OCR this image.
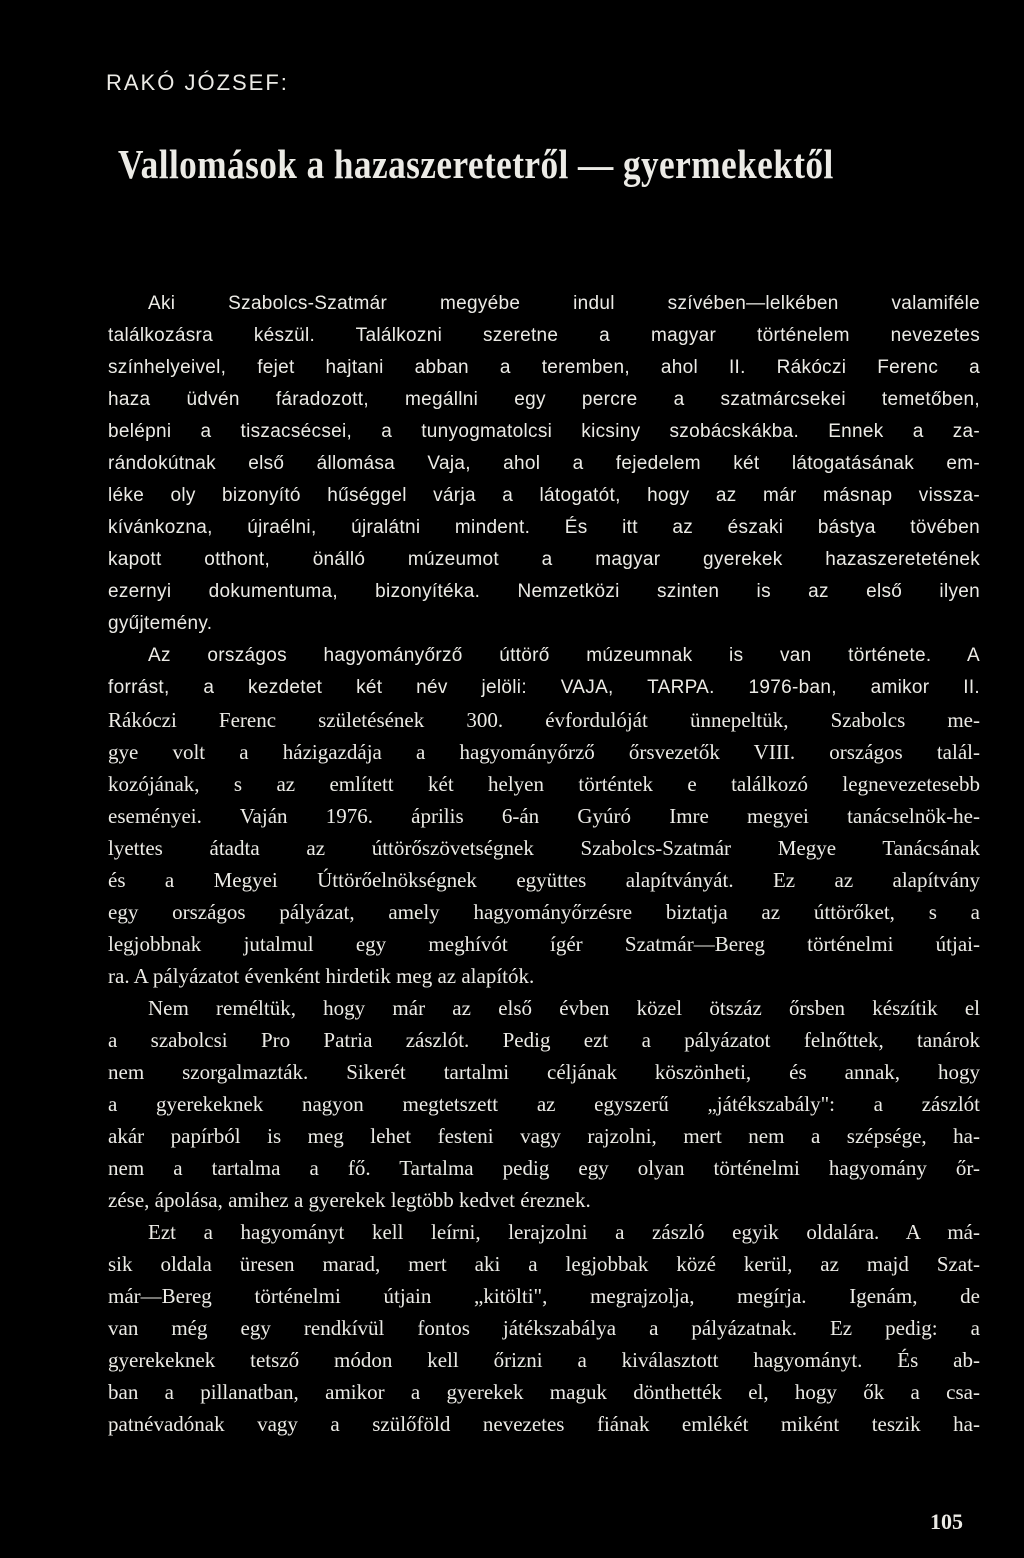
RAKÓ JÓZSEF:
Vallomások a hazaszeretetről — gyermekektől
Aki Szabolcs-Szatmár megyébe indul szívében—lelkében valamiféle
találkozásra készül. Találkozni szeretne a magyar történelem nevezetes
színhelyeivel, fejet hajtani abban a teremben, ahol II. Rákóczi Ferenc a
haza üdvén fáradozott, megállni egy percre a szatmárcsekei temetőben,
belépni a tiszacsécsei, a tunyogmatolcsi kicsiny szobácskákba. Ennek a za-
rándokútnak első állomása Vaja, ahol a fejedelem két látogatásának em-
léke oly bizonyító hűséggel várja a látogatót, hogy az már másnap vissza-
kívánkozna, újraélni, újralátni mindent. És itt az északi bástya tövében
kapott otthont, önálló múzeumot a magyar gyerekek hazaszeretetének
ezernyi dokumentuma, bizonyítéka. Nemzetközi szinten is az első ilyen
gyűjtemény.
Az országos hagyományőrző úttörő múzeumnak is van története. A
forrást, a kezdetet két név jelöli: VAJA, TARPA. 1976-ban, amikor II.
Rákóczi Ferenc születésének 300. évfordulóját ünnepeltük, Szabolcs me-
gye volt a házigazdája a hagyományőrző őrsvezetők VIII. országos talál-
kozójának, s az említett két helyen történtek e találkozó legnevezetesebb
eseményei. Vaján 1976. április 6-án Gyúró Imre megyei tanácselnök-he-
lyettes átadta az úttörőszövetségnek Szabolcs-Szatmár Megye Tanácsának
és a Megyei Úttörőelnökségnek együttes alapítványát. Ez az alapítvány
egy országos pályázat, amely hagyományőrzésre biztatja az úttörőket, s a
legjobbnak jutalmul egy meghívót ígér Szatmár—Bereg történelmi útjai-
ra. A pályázatot évenként hirdetik meg az alapítók.
Nem reméltük, hogy már az első évben közel ötszáz őrsben készítik el
a szabolcsi Pro Patria zászlót. Pedig ezt a pályázatot felnőttek, tanárok
nem szorgalmazták. Sikerét tartalmi céljának köszönheti, és annak, hogy
a gyerekeknek nagyon megtetszett az egyszerű „játékszabály": a zászlót
akár papírból is meg lehet festeni vagy rajzolni, mert nem a szépsége, ha-
nem a tartalma a fő. Tartalma pedig egy olyan történelmi hagyomány őr-
zése, ápolása, amihez a gyerekek legtöbb kedvet éreznek.
Ezt a hagyományt kell leírni, lerajzolni a zászló egyik oldalára. A má-
sik oldala üresen marad, mert aki a legjobbak közé kerül, az majd Szat-
már—Bereg történelmi útjain „kitölti", megrajzolja, megírja. Igenám, de
van még egy rendkívül fontos játékszabálya a pályázatnak. Ez pedig: a
gyerekeknek tetsző módon kell őrizni a kiválasztott hagyományt. És ab-
ban a pillanatban, amikor a gyerekek maguk dönthették el, hogy ők a csa-
patnévadónak vagy a szülőföld nevezetes fiának emlékét miként teszik ha-
105
